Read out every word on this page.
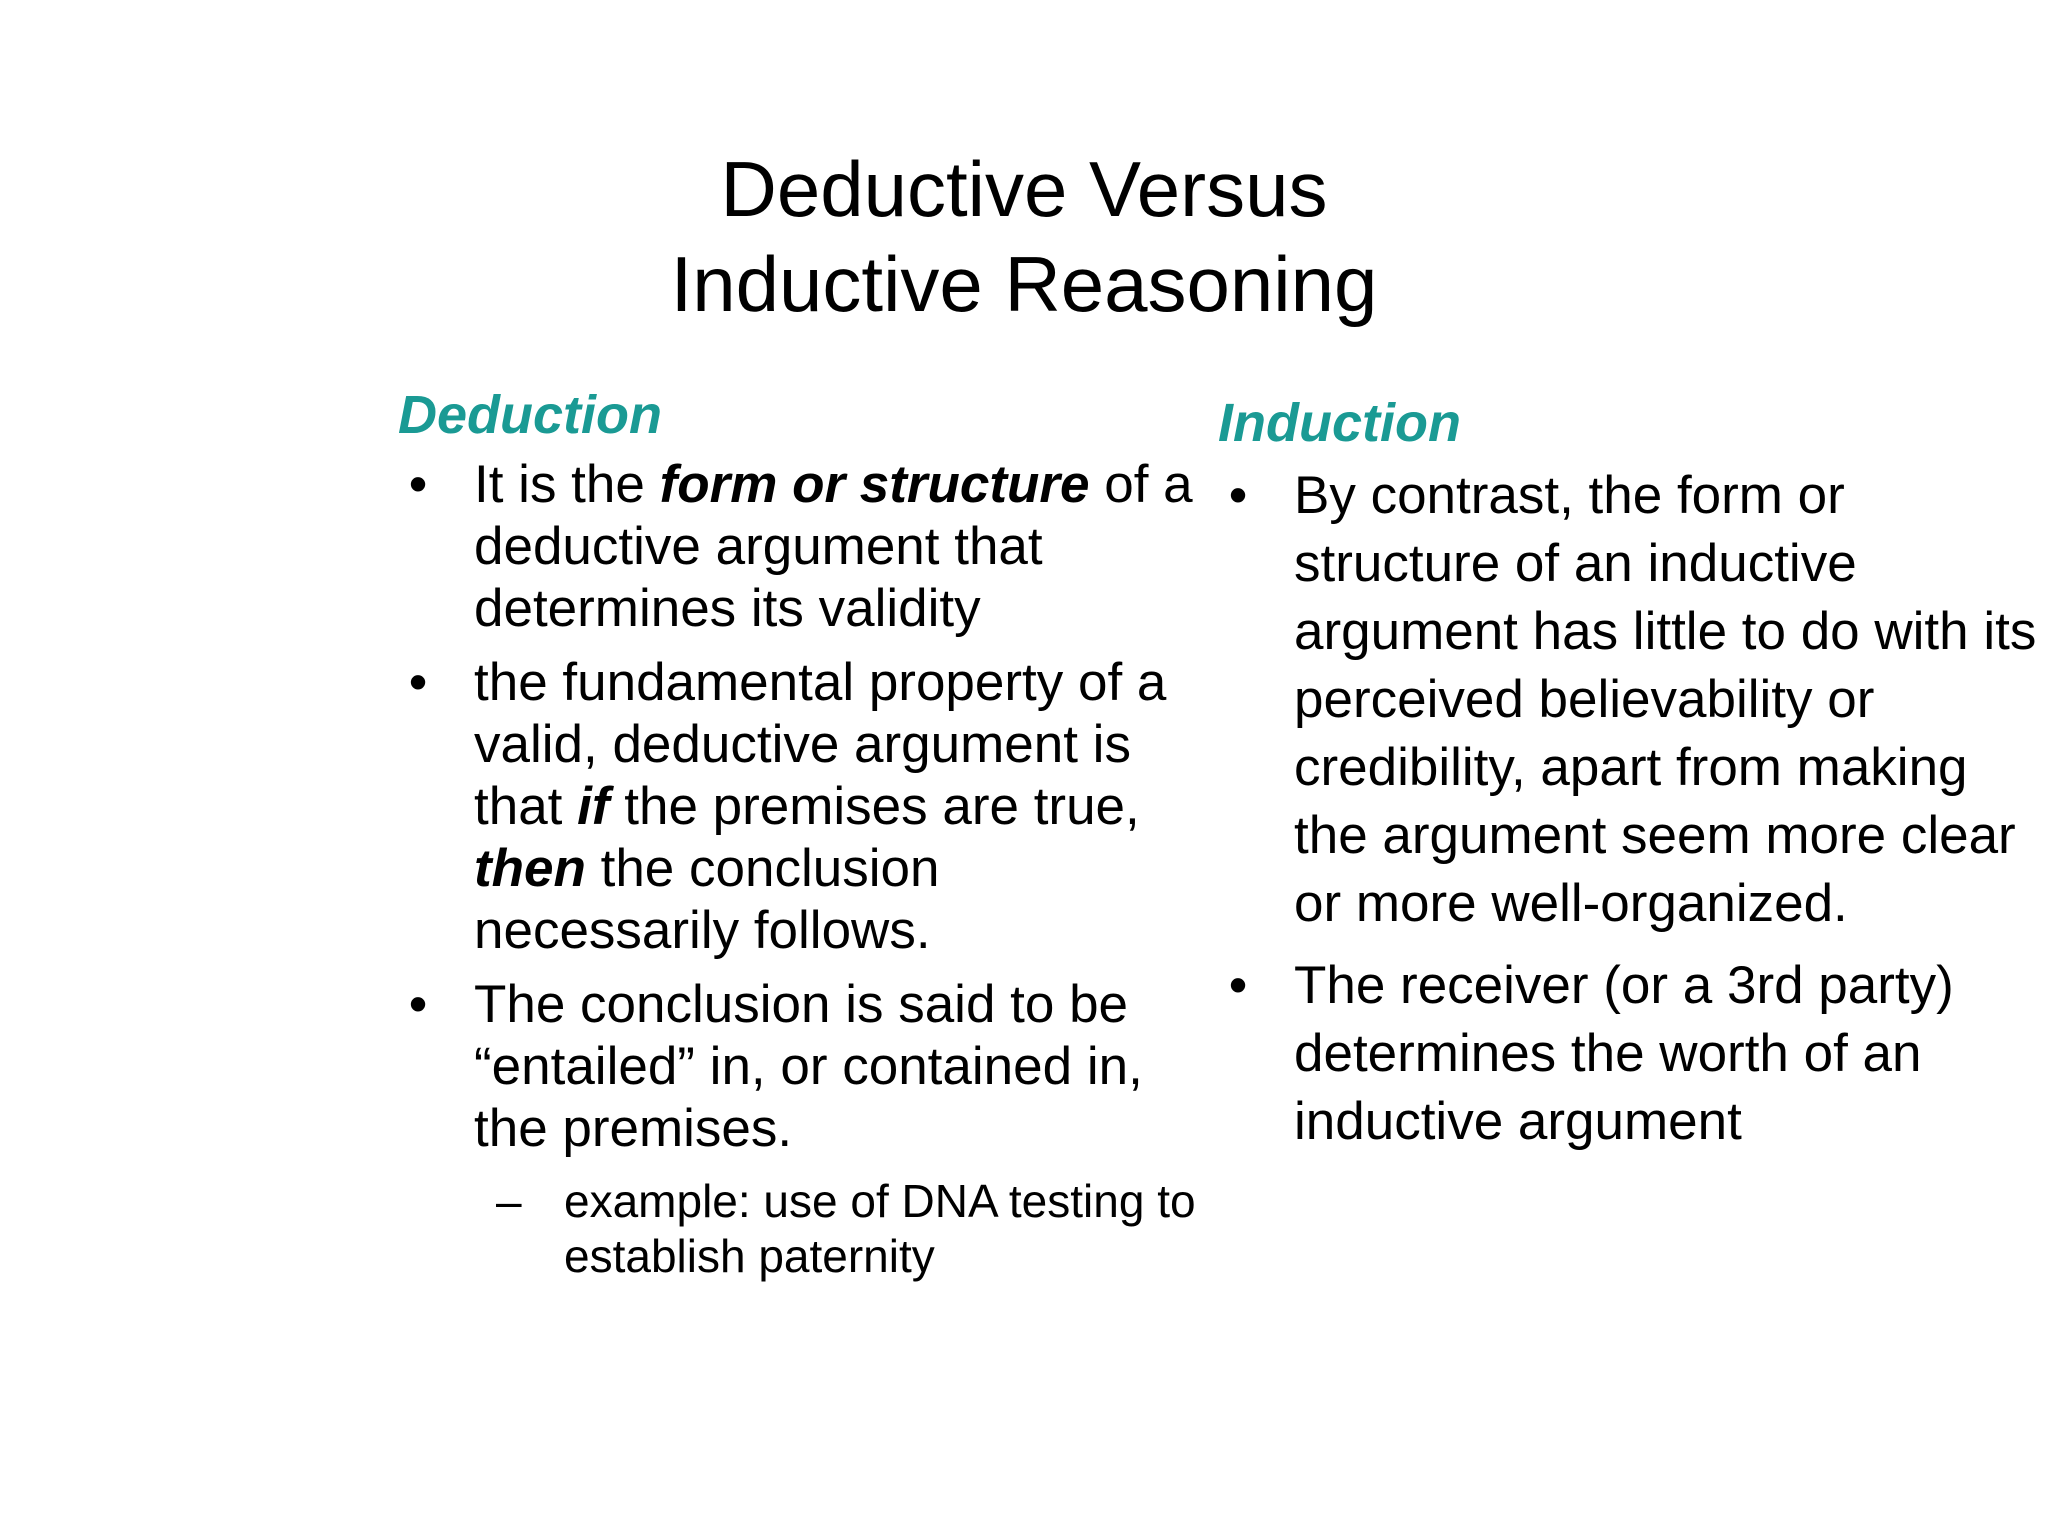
Deductive Versus
Inductive Reasoning
Deduction
• It is the form or structure of a deductive argument that determines its validity
• the fundamental property of a valid, deductive argument is that if the premises are true, then the conclusion necessarily follows.
• The conclusion is said to be “entailed” in, or contained in, the premises.
– example: use of DNA testing to establish paternity
Induction
• By contrast, the form or structure of an inductive argument has little to do with its perceived believability or credibility, apart from making the argument seem more clear or more well-organized.
• The receiver (or a 3rd party) determines the worth of an inductive argument
